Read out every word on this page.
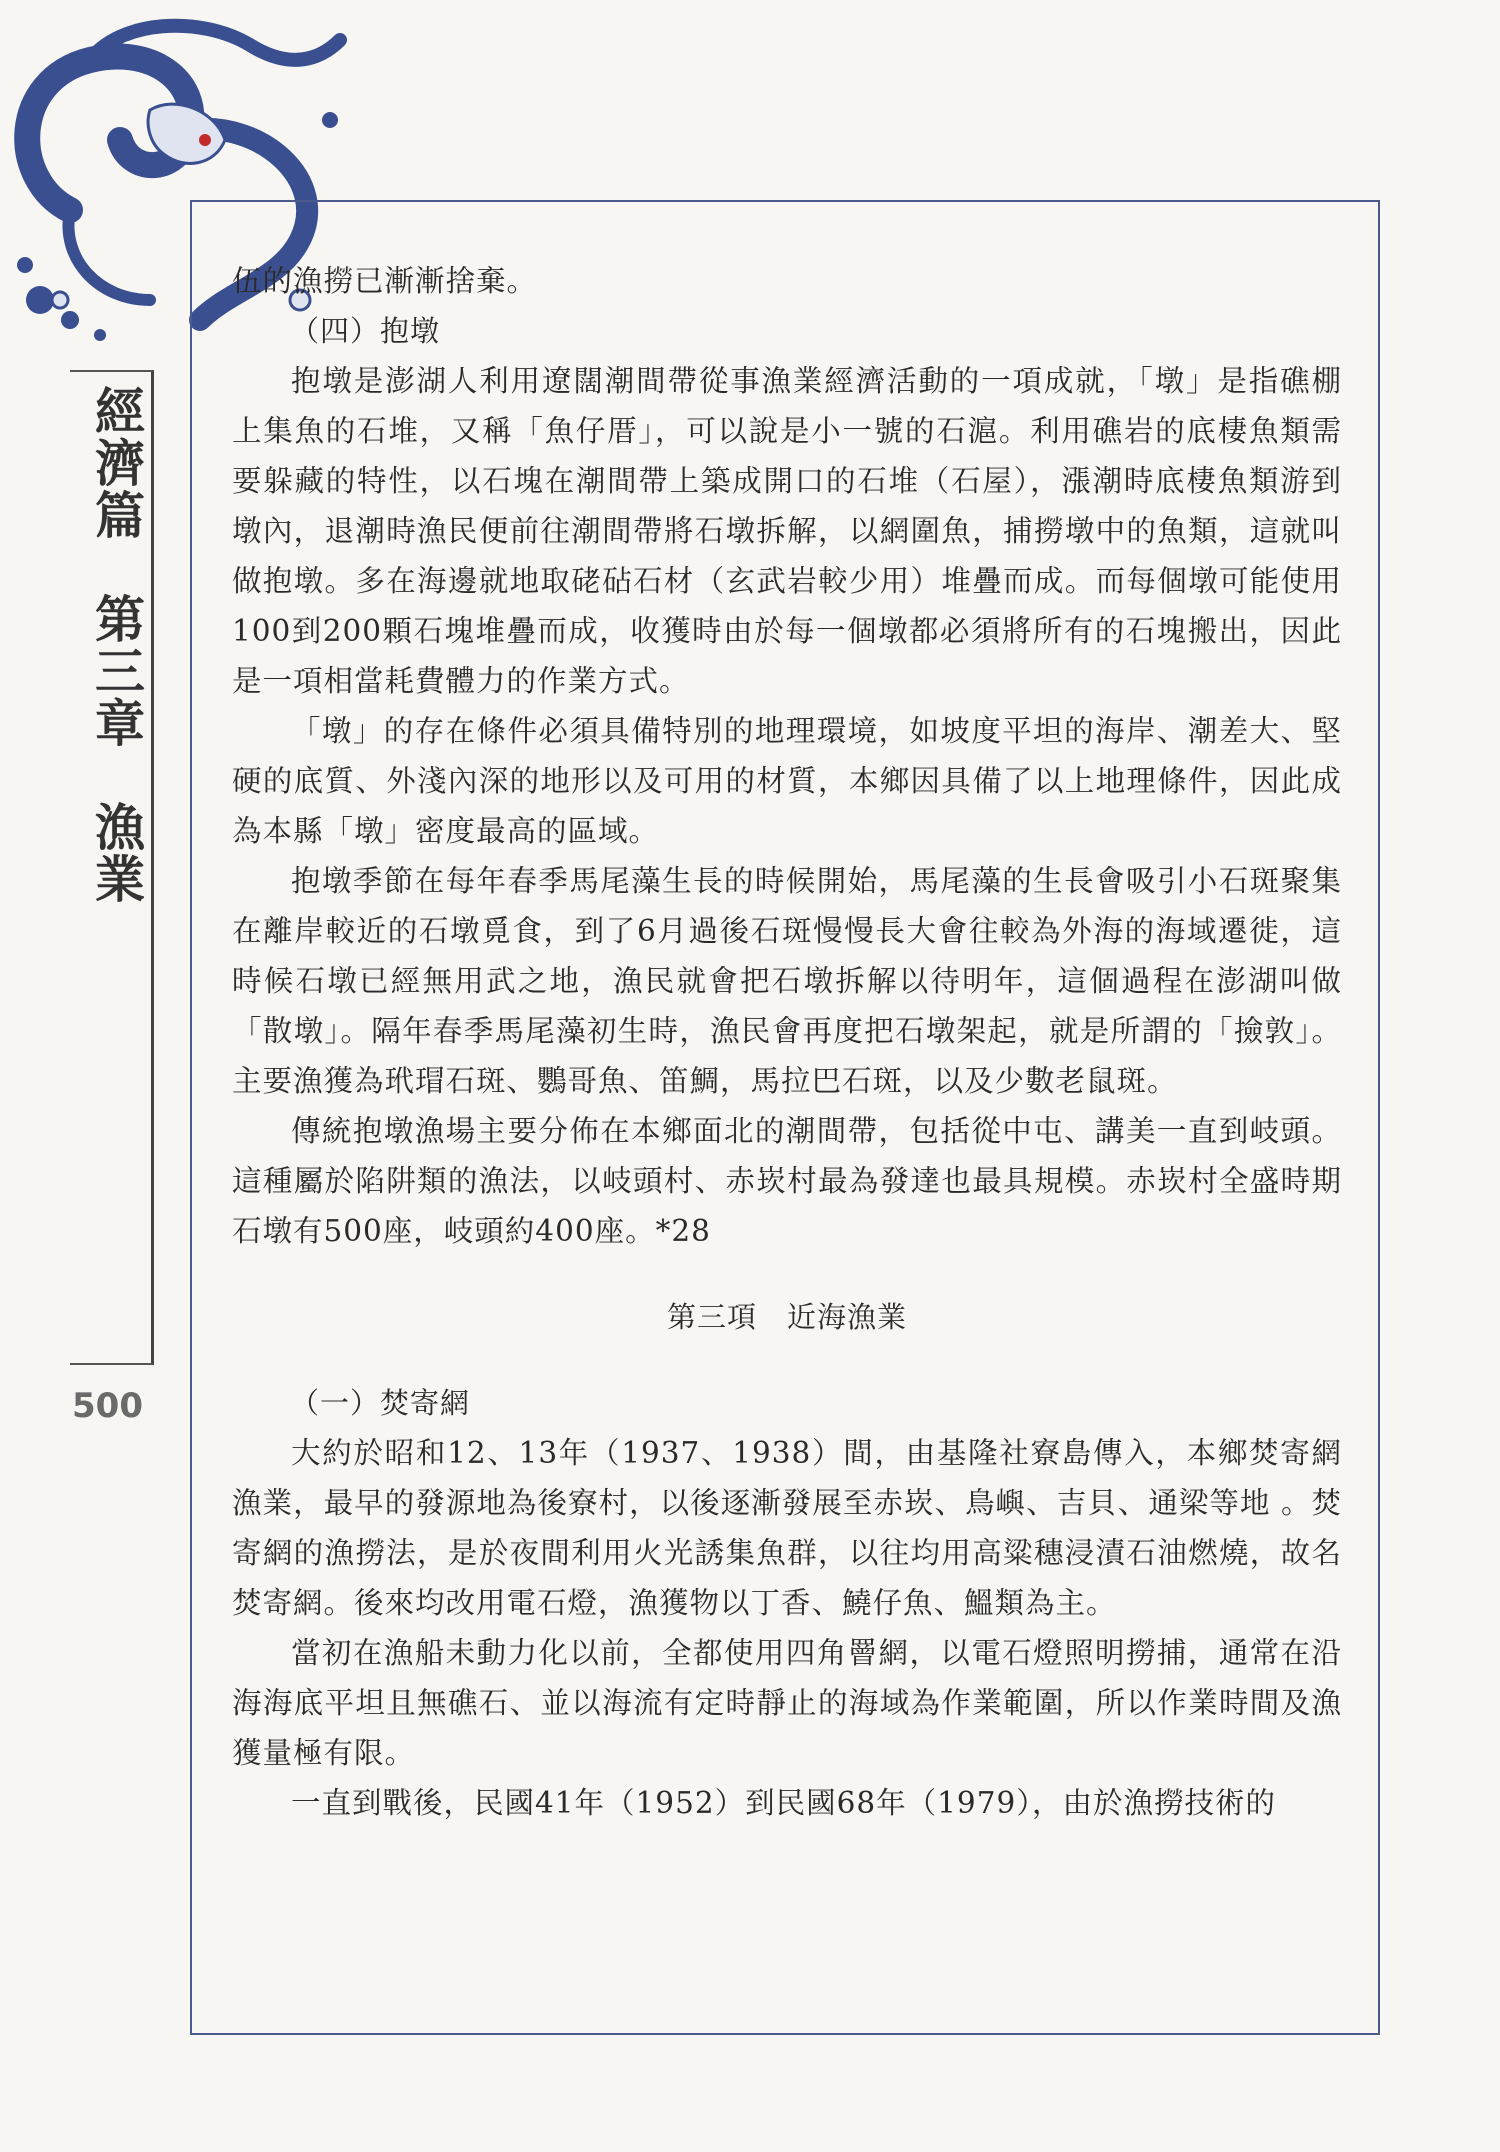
經濟篇　第三章　漁業
500

伍的漁撈已漸漸捨棄。

（四）抱墩

抱墩是澎湖人利用遼闊潮間帶從事漁業經濟活動的一項成就，「墩」是指礁棚上集魚的石堆，又稱「魚仔厝」，可以說是小一號的石滬。利用礁岩的底棲魚類需要躲藏的特性，以石塊在潮間帶上築成開口的石堆（石屋），漲潮時底棲魚類游到墩內，退潮時漁民便前往潮間帶將石墩拆解，以網圍魚，捕撈墩中的魚類，這就叫做抱墩。多在海邊就地取硓砧石材（玄武岩較少用）堆疊而成。而每個墩可能使用100到200顆石塊堆疊而成，收獲時由於每一個墩都必須將所有的石塊搬出，因此是一項相當耗費體力的作業方式。

「墩」的存在條件必須具備特別的地理環境，如坡度平坦的海岸、潮差大、堅硬的底質、外淺內深的地形以及可用的材質，本鄉因具備了以上地理條件，因此成為本縣「墩」密度最高的區域。

抱墩季節在每年春季馬尾藻生長的時候開始，馬尾藻的生長會吸引小石斑聚集在離岸較近的石墩覓食，到了6月過後石斑慢慢長大會往較為外海的海域遷徙，這時候石墩已經無用武之地，漁民就會把石墩拆解以待明年，這個過程在澎湖叫做「散墩」。隔年春季馬尾藻初生時，漁民會再度把石墩架起，就是所謂的「撿敦」。主要漁獲為玳瑁石斑、鸚哥魚、笛鯛，馬拉巴石斑，以及少數老鼠斑。

傳統抱墩漁場主要分佈在本鄉面北的潮間帶，包括從中屯、講美一直到岐頭。這種屬於陷阱類的漁法，以岐頭村、赤崁村最為發達也最具規模。赤崁村全盛時期石墩有500座，岐頭約400座。*28

第三項　近海漁業
（一）焚寄網

大約於昭和12、13年（1937、1938）間，由基隆社寮島傳入，本鄉焚寄網漁業，最早的發源地為後寮村，以後逐漸發展至赤崁、鳥嶼、吉貝、通梁等地 。焚寄網的漁撈法，是於夜間利用火光誘集魚群，以往均用高粱穗浸漬石油燃燒，故名焚寄網。後來均改用電石燈，漁獲物以丁香、鱙仔魚、鰮類為主。

當初在漁船未動力化以前，全都使用四角罾網，以電石燈照明撈捕，通常在沿海海底平坦且無礁石、並以海流有定時靜止的海域為作業範圍，所以作業時間及漁獲量極有限。

一直到戰後，民國41年（1952）到民國68年（1979），由於漁撈技術的
